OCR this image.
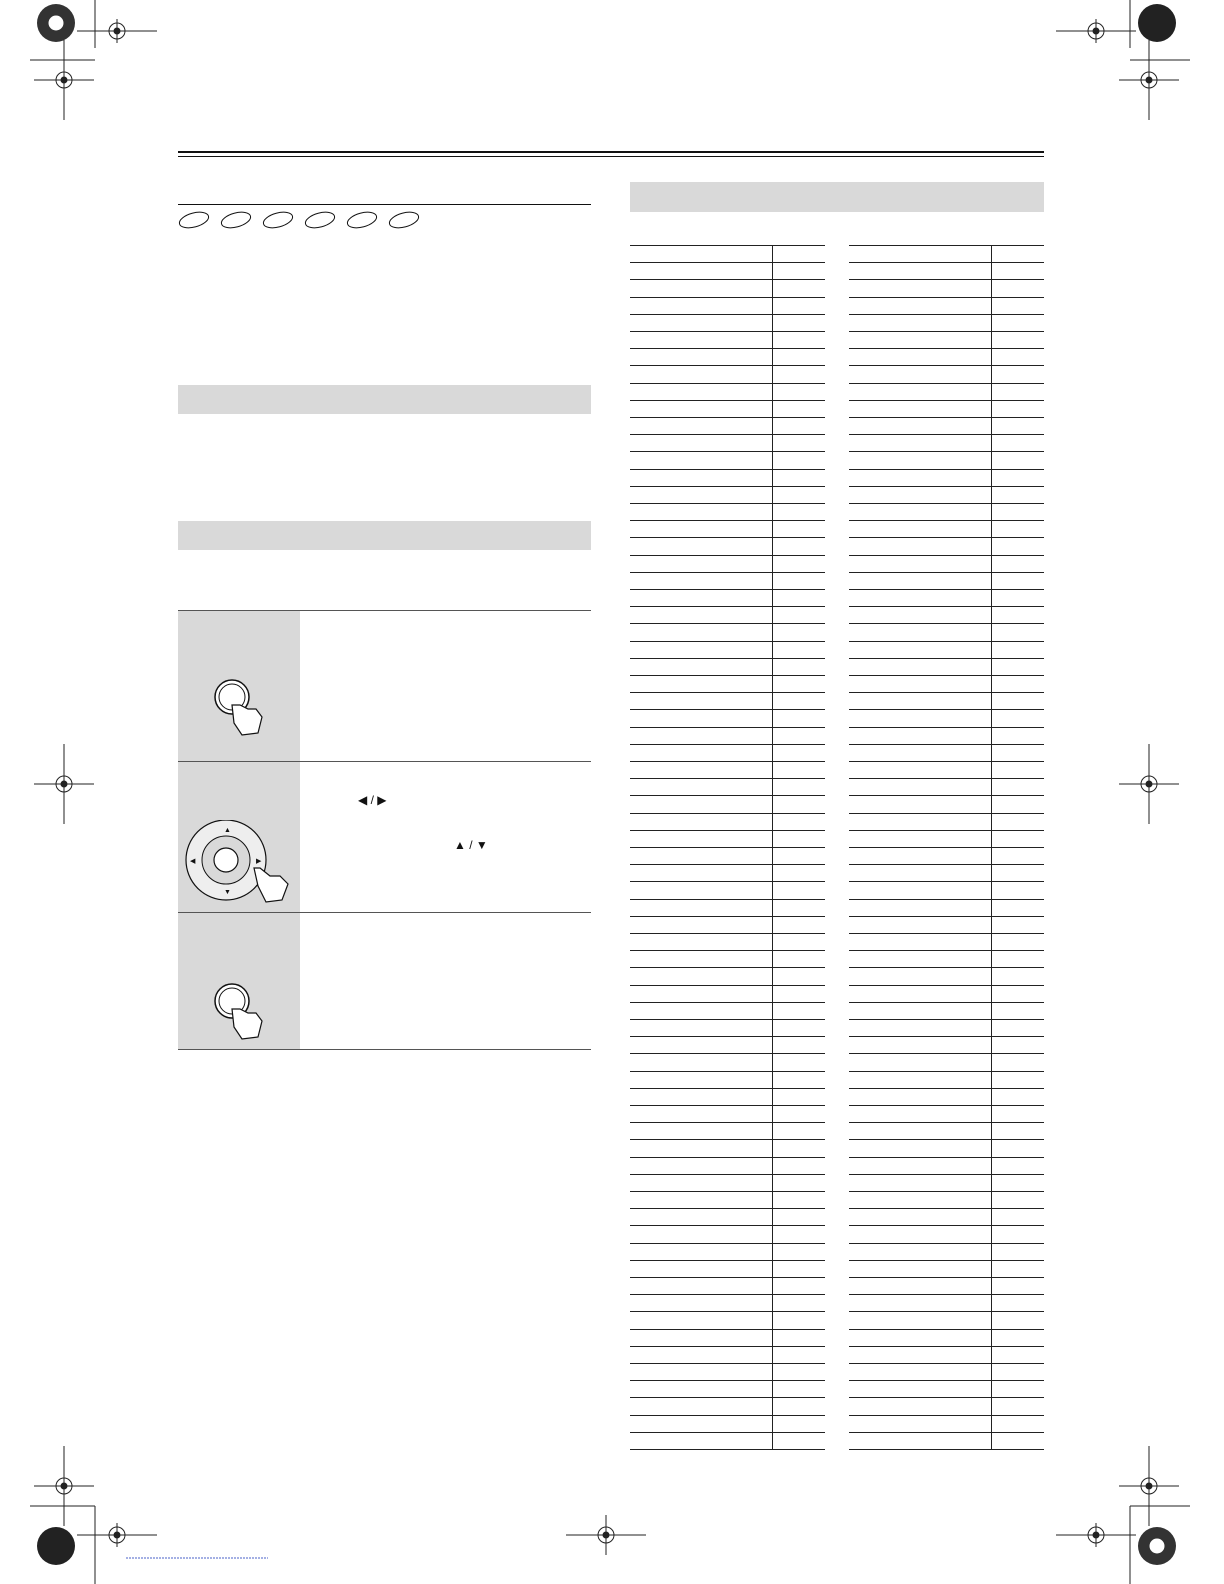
▲
▼
◀	▶
◀ / ▶
▲ / ▼
